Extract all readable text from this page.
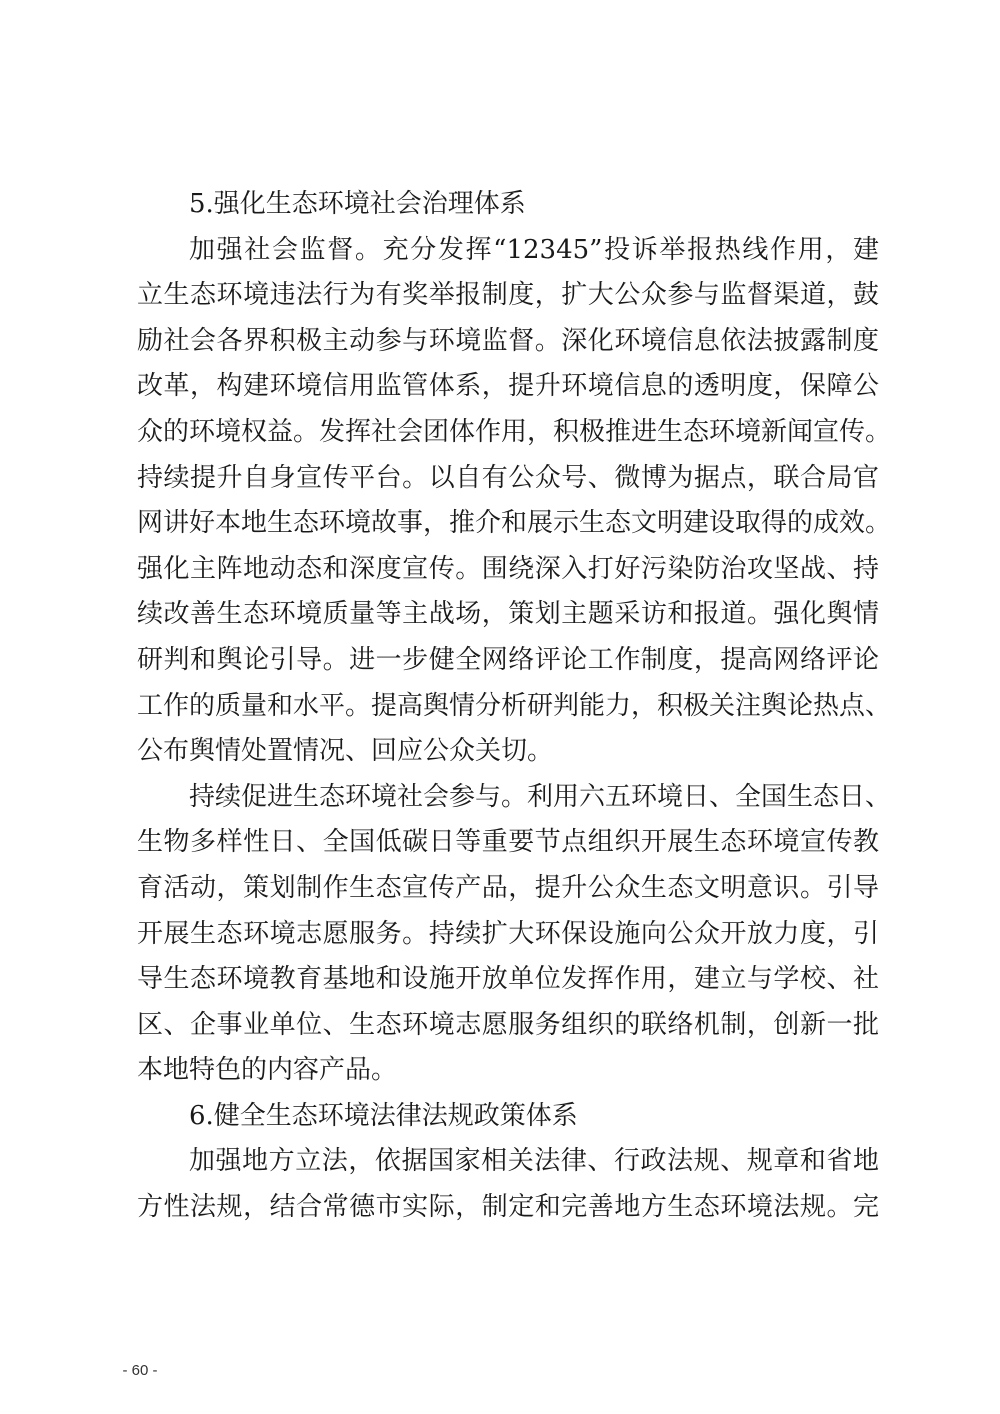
5.强化生态环境社会治理体系
加强社会监督。充分发挥“12345”投诉举报热线作用，建
立生态环境违法行为有奖举报制度，扩大公众参与监督渠道，鼓
励社会各界积极主动参与环境监督。深化环境信息依法披露制度
改革，构建环境信用监管体系，提升环境信息的透明度，保障公
众的环境权益。发挥社会团体作用，积极推进生态环境新闻宣传。
持续提升自身宣传平台。以自有公众号、微博为据点，联合局官
网讲好本地生态环境故事，推介和展示生态文明建设取得的成效。
强化主阵地动态和深度宣传。围绕深入打好污染防治攻坚战、持
续改善生态环境质量等主战场，策划主题采访和报道。强化舆情
研判和舆论引导。进一步健全网络评论工作制度，提高网络评论
工作的质量和水平。提高舆情分析研判能力，积极关注舆论热点、
公布舆情处置情况、回应公众关切。
持续促进生态环境社会参与。利用六五环境日、全国生态日、
生物多样性日、全国低碳日等重要节点组织开展生态环境宣传教
育活动，策划制作生态宣传产品，提升公众生态文明意识。引导
开展生态环境志愿服务。持续扩大环保设施向公众开放力度，引
导生态环境教育基地和设施开放单位发挥作用，建立与学校、社
区、企事业单位、生态环境志愿服务组织的联络机制，创新一批
本地特色的内容产品。
6.健全生态环境法律法规政策体系
加强地方立法，依据国家相关法律、行政法规、规章和省地
方性法规，结合常德市实际，制定和完善地方生态环境法规。完
- 60 -
